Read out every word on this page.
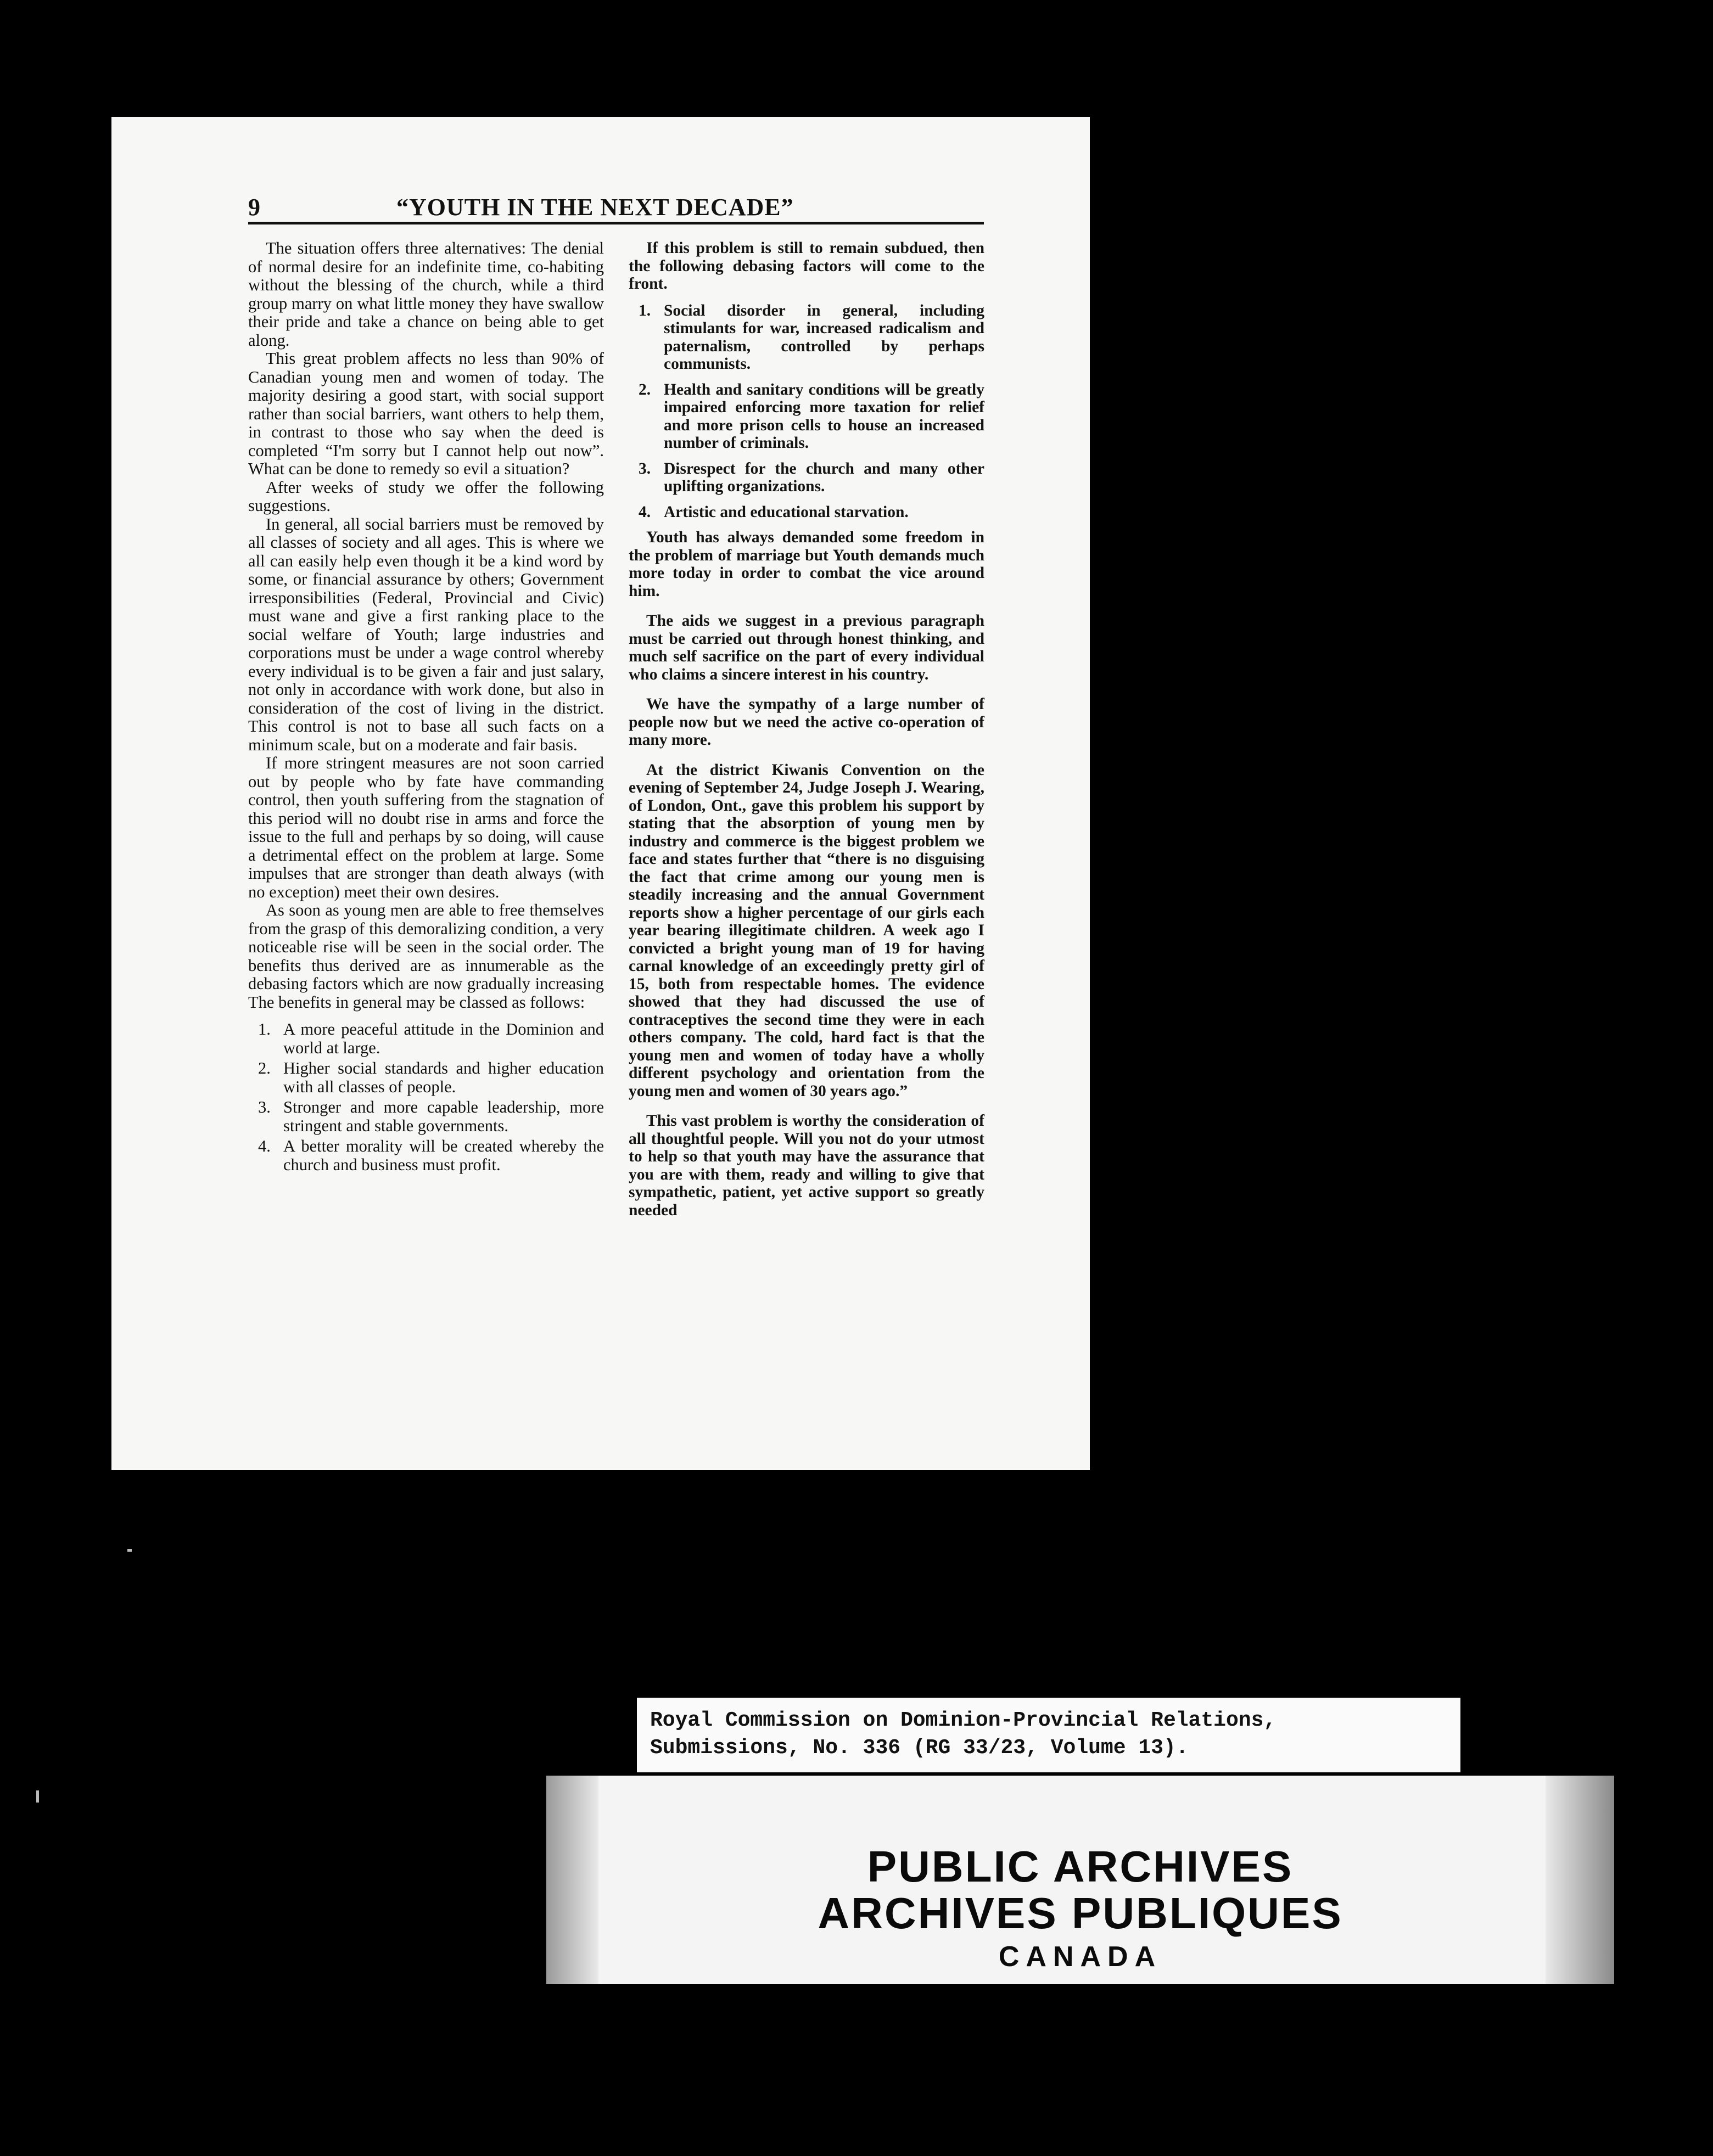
9	“YOUTH IN THE NEXT DECADE”

The situation offers three alternatives: The denial of normal desire for an indefinite time, co-habiting without the blessing of the church, while a third group marry on what little money they have swallow their pride and take a chance on being able to get along.

This great problem affects no less than 90% of Canadian young men and women of today. The majority desiring a good start, with social support rather than social barriers, want others to help them, in contrast to those who say when the deed is completed “I'm sorry but I cannot help out now”. What can be done to remedy so evil a situation?

After weeks of study we offer the following suggestions.

In general, all social barriers must be removed by all classes of society and all ages. This is where we all can easily help even though it be a kind word by some, or financial assurance by others; Government irresponsibilities (Federal, Provincial and Civic) must wane and give a first ranking place to the social welfare of Youth; large industries and corporations must be under a wage control whereby every individual is to be given a fair and just salary, not only in accordance with work done, but also in consideration of the cost of living in the district. This control is not to base all such facts on a minimum scale, but on a moderate and fair basis.

If more stringent measures are not soon carried out by people who by fate have commanding control, then youth suffering from the stagnation of this period will no doubt rise in arms and force the issue to the full and perhaps by so doing, will cause a detrimental effect on the problem at large. Some impulses that are stronger than death always (with no exception) meet their own desires.

As soon as young men are able to free themselves from the grasp of this demoralizing condition, a very noticeable rise will be seen in the social order. The benefits thus derived are as innumerable as the debasing factors which are now gradually increasing The benefits in general may be classed as follows:

1. A more peaceful attitude in the Dominion and world at large.
2. Higher social standards and higher education with all classes of people.
3. Stronger and more capable leadership, more stringent and stable governments.
4. A better morality will be created whereby the church and business must profit.

If this problem is still to remain subdued, then the following debasing factors will come to the front.

1. Social disorder in general, including stimulants for war, increased radicalism and paternalism, controlled by perhaps communists.
2. Health and sanitary conditions will be greatly impaired enforcing more taxation for relief and more prison cells to house an increased number of criminals.
3. Disrespect for the church and many other uplifting organizations.
4. Artistic and educational starvation.

Youth has always demanded some freedom in the problem of marriage but Youth demands much more today in order to combat the vice around him.

The aids we suggest in a previous paragraph must be carried out through honest thinking, and much self sacrifice on the part of every individual who claims a sincere interest in his country.

We have the sympathy of a large number of people now but we need the active co-operation of many more.

At the district Kiwanis Convention on the evening of September 24, Judge Joseph J. Wearing, of London, Ont., gave this problem his support by stating that the absorption of young men by industry and commerce is the biggest problem we face and states further that “there is no disguising the fact that crime among our young men is steadily increasing and the annual Government reports show a higher percentage of our girls each year bearing illegitimate children. A week ago I convicted a bright young man of 19 for having carnal knowledge of an exceedingly pretty girl of 15, both from respectable homes. The evidence showed that they had discussed the use of contraceptives the second time they were in each others company. The cold, hard fact is that the young men and women of today have a wholly different psychology and orientation from the young men and women of 30 years ago.”

This vast problem is worthy the consideration of all thoughtful people. Will you not do your utmost to help so that youth may have the assurance that you are with them, ready and willing to give that sympathetic, patient, yet active support so greatly needed

Royal Commission on Dominion-Provincial Relations,
Submissions, No. 336 (RG 33/23, Volume 13).
PUBLIC ARCHIVES
ARCHIVES PUBLIQUES
CANADA
